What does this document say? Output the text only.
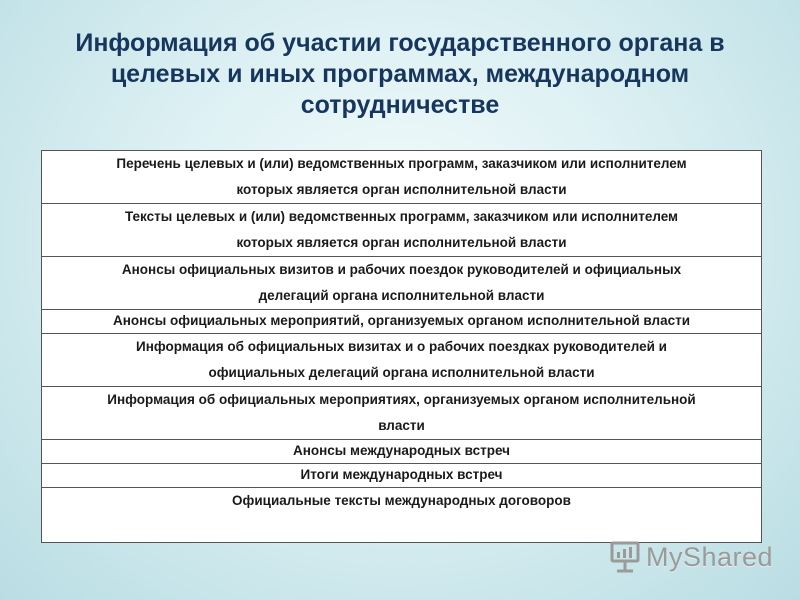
Информация об участии государственного органа в
целевых и иных программах, международном
сотрудничестве
Перечень целевых и (или) ведомственных программ, заказчиком или исполнителем
которых является орган исполнительной власти

Тексты целевых и (или) ведомственных программ, заказчиком или исполнителем
которых является орган исполнительной власти

Анонсы официальных визитов и рабочих поездок руководителей и официальных
делегаций органа исполнительной власти

Анонсы официальных мероприятий, организуемых органом исполнительной власти

Информация об официальных визитах и о рабочих поездках руководителей и
официальных делегаций органа исполнительной власти

Информация об официальных мероприятиях, организуемых органом исполнительной
власти

Анонсы международных встреч

Итоги международных встреч

Официальные тексты международных договоров
MyShared
